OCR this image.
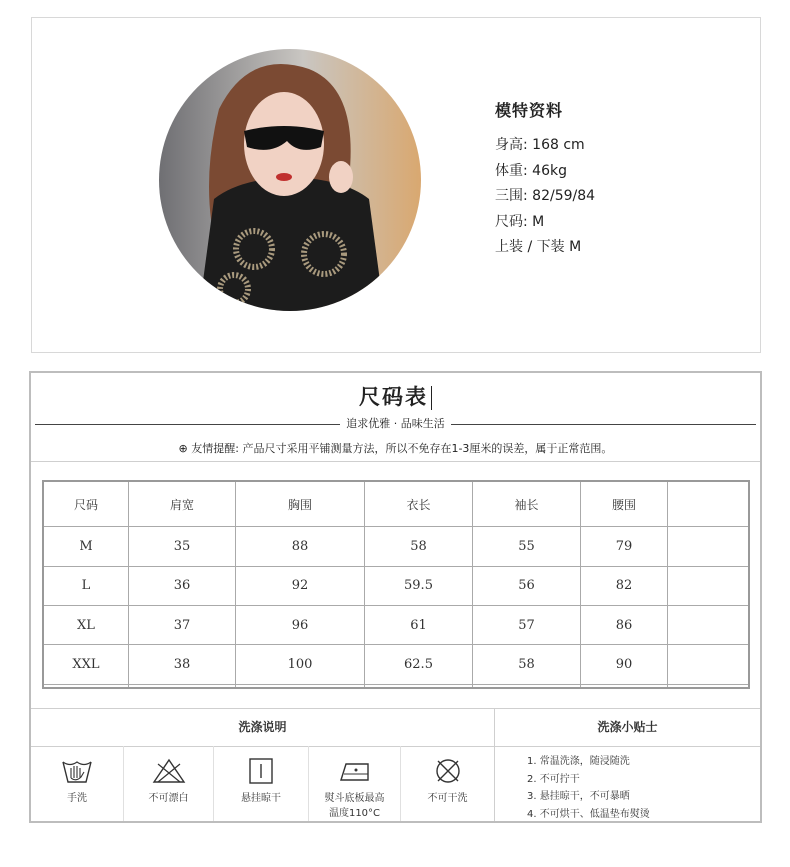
模特资料
身高: 168 cm
体重: 46kg
三围: 82/59/84
尺码: M
上装 / 下装 M
尺码表
追求优雅 · 品味生活
⊕ 友情提醒: 产品尺寸采用平铺测量方法，所以不免存在1-3厘米的误差，属于正常范围。
尺码	肩宽	胸围	衣长	袖长	腰围	
M	35	88	58	55	79	
L	36	92	59.5	56	82	
XL	37	96	61	57	86	
XXL	38	100	62.5	58	90	

洗涤说明	洗涤小贴士
手洗	不可漂白	悬挂晾干	熨斗底板最高
温度110°C
不可干洗
1. 常温洗涤，随浸随洗
2. 不可拧干
3. 悬挂晾干，不可暴晒
4. 不可烘干、低温垫布熨烫
